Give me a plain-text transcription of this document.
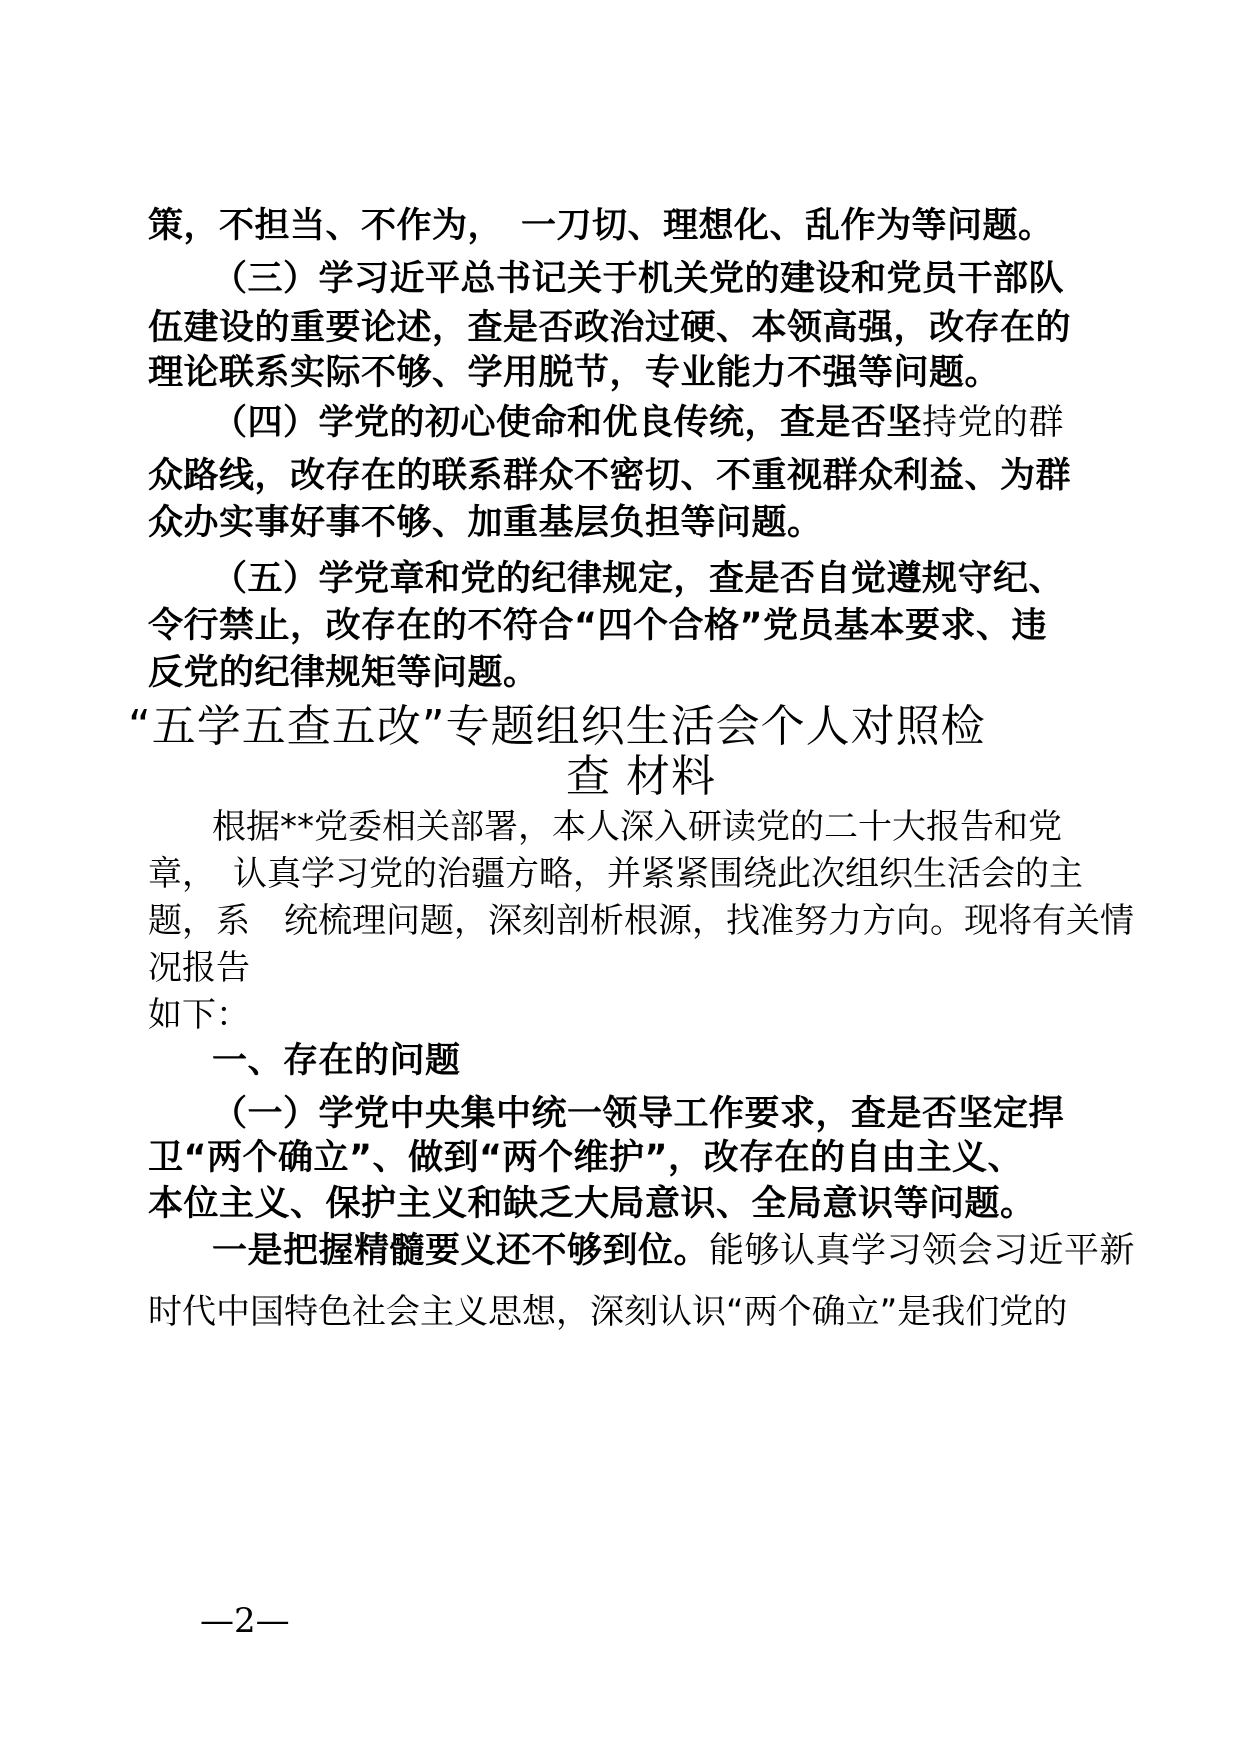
策，不担当、不作为，　一刀切、理想化、乱作为等问题。
（三）学习近平总书记关于机关党的建设和党员干部队
伍建设的重要论述，查是否政治过硬、本领高强，改存在的
理论联系实际不够、学用脱节，专业能力不强等问题。
（四）学党的初心使命和优良传统，查是否坚持党的群
众路线，改存在的联系群众不密切、不重视群众利益、为群
众办实事好事不够、加重基层负担等问题。
（五）学党章和党的纪律规定，查是否自觉遵规守纪、
令行禁止，改存在的不符合“四个合格”党员基本要求、违
反党的纪律规矩等问题。
“五学五查五改”专题组织生活会个人对照检
查 材料
根据**党委相关部署，本人深入研读党的二十大报告和党
章，　认真学习党的治疆方略，并紧紧围绕此次组织生活会的主
题，系　统梳理问题，深刻剖析根源，找准努力方向。现将有关情
况报告
如下：
一、存在的问题
（一）学党中央集中统一领导工作要求，查是否坚定捍
卫“两个确立”、做到“两个维护”，改存在的自由主义、
本位主义、保护主义和缺乏大局意识、全局意识等问题。
一是把握精髓要义还不够到位。能够认真学习领会习近平新
时代中国特色社会主义思想，深刻认识“两个确立”是我们党的
—2—
